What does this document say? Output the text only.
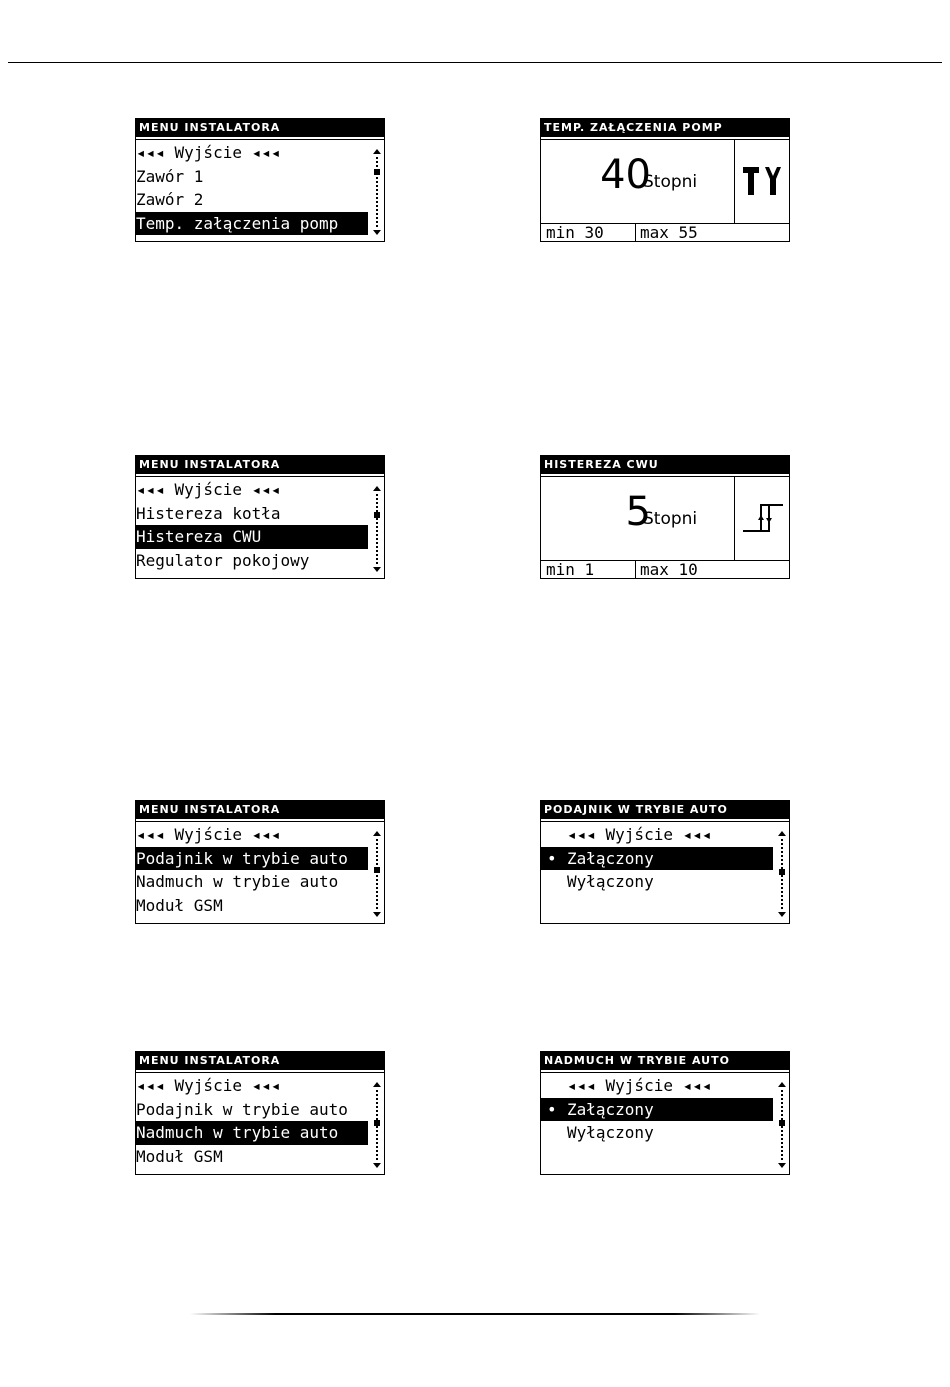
MENU INSTALATORA
◂◂◂ Wyjście ◂◂◂
Zawór 1
Zawór 2
Temp. załączenia pomp
TEMP. ZAŁĄCZENIA POMP
40
Stopni
min 30	max 55
MENU INSTALATORA
◂◂◂ Wyjście ◂◂◂
Histereza kotła
Histereza CWU
Regulator pokojowy
HISTEREZA CWU
5
Stopni
min 1	max 10
MENU INSTALATORA
◂◂◂ Wyjście ◂◂◂
Podajnik w trybie auto
Nadmuch w trybie auto
Moduł GSM
PODAJNIK W TRYBIE AUTO
◂◂◂ Wyjście ◂◂◂
• Załączony
Wyłączony
MENU INSTALATORA
◂◂◂ Wyjście ◂◂◂
Podajnik w trybie auto
Nadmuch w trybie auto
Moduł GSM
NADMUCH W TRYBIE AUTO
◂◂◂ Wyjście ◂◂◂
• Załączony
Wyłączony
